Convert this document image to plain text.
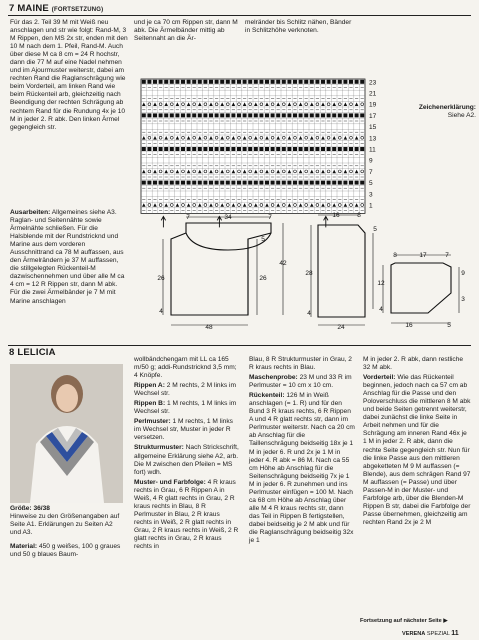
7 MAINE (FORTSETZUNG)

Für das 2. Teil 39 M mit Weiß neu anschlagen und str wie folgt: Rand-M, 3 M Rippen, den MS 2x str, enden mit den 10 M nach dem 1. Pfeil, Rand-M. Auch über diese M ca 8 cm = 24 R hochstr, dann die 77 M auf eine Nadel nehmen und im Ajourmuster weiterstr, dabei am rechten Rand die Raglanschrägung wie beim Vorderteil, am linken Rand wie beim Rückenteil arb, gleichzeitig nach Beendigung der rechten Schrägung ab rechtem Rand für die Rundung 4x je 10 M in jeder 2. R abk. Den linken Ärmel gegengleich str.

und je ca 70 cm Rippen str, dann M abk. Die Ärmelbänder mittig ab Seitennaht an die Är-

melränder bis Schlitz nähen, Bänder in Schlitzhöhe verknoten.

23
21
19
17
15
13
11
9
7
5
3
1
Zeichenerklärung:
Siehe A2.

Ausarbeiten: Allgemeines siehe A3. Raglan- und Seitennähte sowie Ärmelnähte schließen. Für die Halsblende mit der Rundstricknd und Marine aus dem vorderen Ausschnittrand ca 78 M auffassen, aus den Ärmelrändern je 37 M auffassen, die stillgelegten Rückenteil-M dazwischennehmen und über alle M ca 4 cm = 12 R Rippen str, dann M abk. Für die zwei Ärmelbänder je 7 M mit Marine anschlagen

7	34	7
5
26	26
4
42
48
16	8
5
28
4
24
8	17	7
9
3
12
4
16	5
8 LELICIA

Größe: 36/38
Hinweise zu den Größenangaben auf Seite A1. Erklärungen zu Seiten A2 und A3.

Material: 450 g weißes, 100 g graues und 50 g blaues Baum-

wollbändchengarn mit LL ca 165 m/50 g; addi-Rundstricknd 3,5 mm; 4 Knöpfe.

Rippen A: 2 M rechts, 2 M links im Wechsel str.

Rippen B: 1 M rechts, 1 M links im Wechsel str.

Perlmuster: 1 M rechts, 1 M links im Wechsel str, Muster in jeder R versetzen.

Strukturmuster: Nach Strickschrift, allgemeine Erklärung siehe A2, arb. Die M zwischen den Pfeilen = MS fort) wdh.

Muster- und Farbfolge: 4 R kraus rechts in Grau, 6 R Rippen A in Weiß, 4 R glatt rechts in Grau, 2 R kraus rechts in Blau, 8 R Perlmuster in Blau, 2 R kraus rechts in Weiß, 2 R glatt rechts in Grau, 2 R kraus rechts in Weiß, 2 R glatt rechts in Grau, 2 R kraus rechts in

Blau, 8 R Strukturmuster in Grau, 2 R kraus rechts in Blau.

Maschenprobe: 23 M und 33 R im Perlmuster = 10 cm x 10 cm.

Rückenteil: 126 M in Weiß anschlagen (= 1. R) und für den Bund 3 R kraus rechts, 6 R Rippen A und 4 R glatt rechts str, dann im Perlmuster weiterstr. Nach ca 20 cm ab Anschlag für die Taillenschrägung beidseitig 18x je 1 M in jeder 6. R und 2x je 1 M in jeder 4. R abk = 86 M. Nach ca 55 cm Höhe ab Anschlag für die Seitenschrägung beidseitig 7x je 1 M in jeder 6. R zunehmen und ins Perlmuster einfügen = 100 M. Nach ca 68 cm Höhe ab Anschlag über alle M 4 R kraus rechts str, dann das Teil in Rippen B fertigstellen, dabei beidseitig je 2 M abk und für die Raglanschrägung beidseitig 32x je 1

M in jeder 2. R abk, dann restliche 32 M abk.

Vorderteil: Wie das Rückenteil beginnen, jedoch nach ca 57 cm ab Anschlag für die Passe und den Poloverschluss die mittleren 8 M abk und beide Seiten getrennt weiterstr, dabei zunächst die linke Seite in Arbeit nehmen und für die Schrägung am inneren Rand 46x je 1 M in jeder 2. R abk, dann die rechte Seite gegengleich str. Nun für die linke Passe aus den mittleren abgeketteten M 9 M auffassen (= Blende), aus dem schrägen Rand 97 M auffassen (= Passe) und über Passen-M in der Muster- und Farbfolge arb, über die Blenden-M Rippen B str, dabei die Farbfolge der Passe übernehmen, gleichzeitig am rechten Rand 2x je 2 M

Fortsetzung auf nächster Seite ▶
VERENA SPEZIAL 11
